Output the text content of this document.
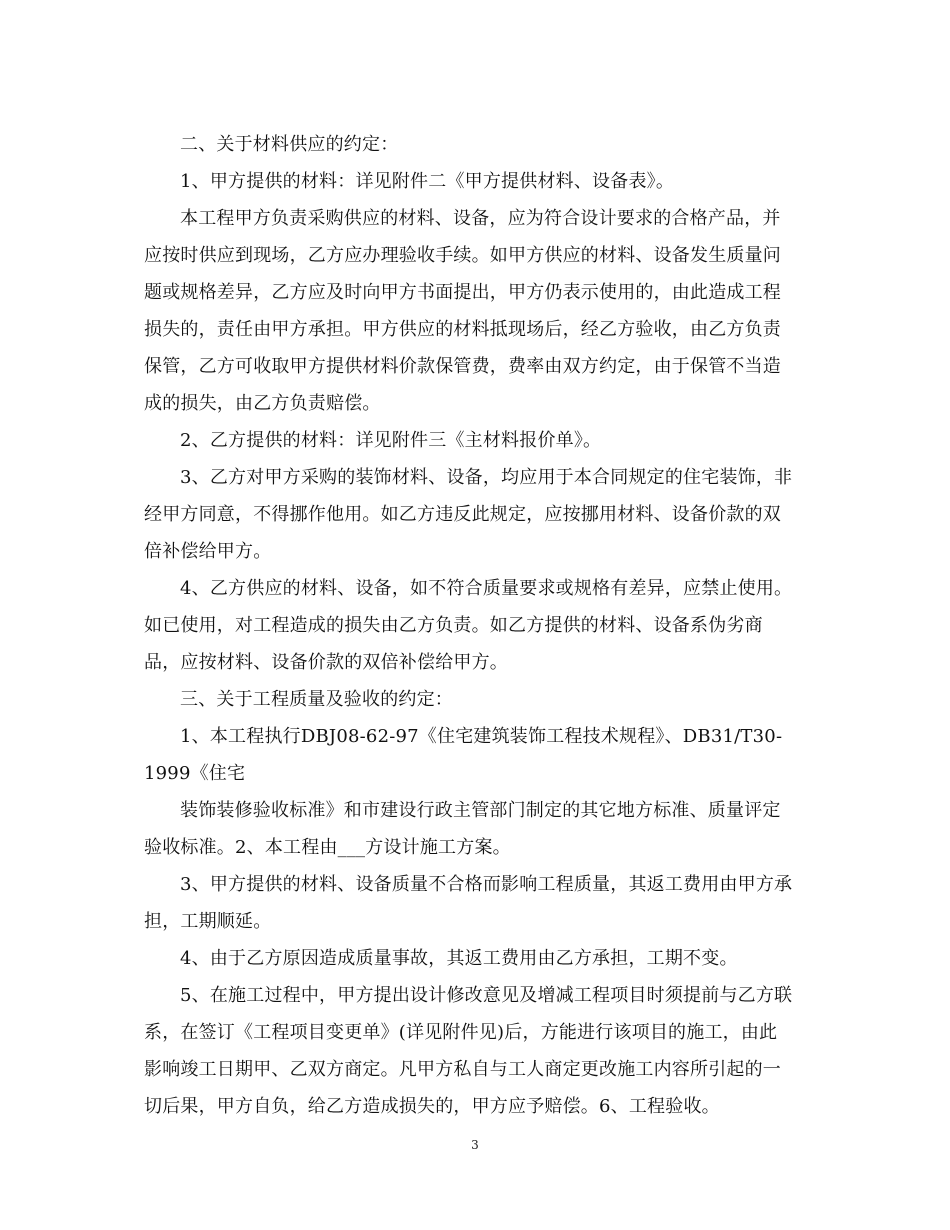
二、关于材料供应的约定：
1、甲方提供的材料：详见附件二《甲方提供材料、设备表》。
本工程甲方负责采购供应的材料、设备，应为符合设计要求的合格产品，并
应按时供应到现场，乙方应办理验收手续。如甲方供应的材料、设备发生质量问
题或规格差异，乙方应及时向甲方书面提出，甲方仍表示使用的，由此造成工程
损失的，责任由甲方承担。甲方供应的材料抵现场后，经乙方验收，由乙方负责
保管，乙方可收取甲方提供材料价款保管费，费率由双方约定，由于保管不当造
成的损失，由乙方负责赔偿。
2、乙方提供的材料：详见附件三《主材料报价单》。
3、乙方对甲方采购的装饰材料、设备，均应用于本合同规定的住宅装饰，非
经甲方同意，不得挪作他用。如乙方违反此规定，应按挪用材料、设备价款的双
倍补偿给甲方。
4、乙方供应的材料、设备，如不符合质量要求或规格有差异，应禁止使用。
如已使用，对工程造成的损失由乙方负责。如乙方提供的材料、设备系伪劣商
品，应按材料、设备价款的双倍补偿给甲方。
三、关于工程质量及验收的约定：
1、本工程执行DBJ08-62-97《住宅建筑装饰工程技术规程》、DB31/T30-
1999《住宅
装饰装修验收标准》和市建设行政主管部门制定的其它地方标准、质量评定
验收标准。2、本工程由___方设计施工方案。
3、甲方提供的材料、设备质量不合格而影响工程质量，其返工费用由甲方承
担，工期顺延。
4、由于乙方原因造成质量事故，其返工费用由乙方承担，工期不变。
5、在施工过程中，甲方提出设计修改意见及增减工程项目时须提前与乙方联
系，在签订《工程项目变更单》(详见附件见)后，方能进行该项目的施工，由此
影响竣工日期甲、乙双方商定。凡甲方私自与工人商定更改施工内容所引起的一
切后果，甲方自负，给乙方造成损失的，甲方应予赔偿。6、工程验收。
3
